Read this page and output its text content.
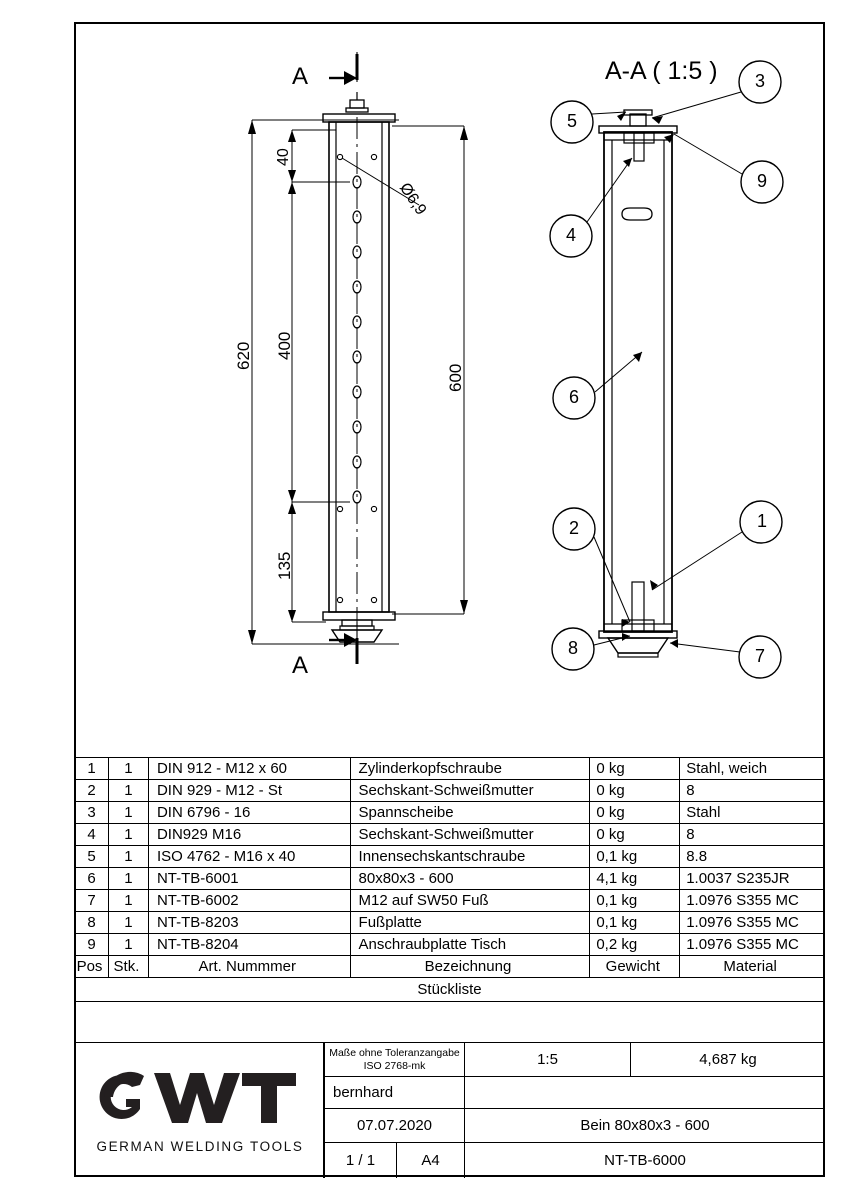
620
40
400
135
600
Ø6,9
A
A
A-A ( 1:5 ) 3
9
5
4
6
2	1
8	7
1	1	DIN 912 - M12 x 60	Zylinderkopfschraube	0 kg	Stahl, weich
2	1	DIN 929 - M12 - St	Sechskant-Schweißmutter	0 kg	8
3	1	DIN 6796 - 16	Spannscheibe	0 kg	Stahl
4	1	DIN929 M16	Sechskant-Schweißmutter	0 kg	8
5	1	ISO 4762 - M16 x 40	Innensechskantschraube	0,1 kg	8.8
6	1	NT-TB-6001	80x80x3 - 600	4,1 kg	1.0037 S235JR
7	1	NT-TB-6002	M12 auf SW50 Fuß	0,1 kg	1.0976 S355 MC
8	1	NT-TB-8203	Fußplatte	0,1 kg	1.0976 S355 MC
9	1	NT-TB-8204	Anschraubplatte Tisch	0,2 kg	1.0976 S355 MC
Pos	Stk.	Art. Nummmer	Bezeichnung	Gewicht	Material
Stückliste					
GERMAN WELDING TOOLS
Maße ohne Toleranzangabe
ISO 2768-mk	1:5	4,687 kg
bernhard
07.07.2020	Bein 80x80x3 - 600
1 / 1	A4	NT-TB-6000
